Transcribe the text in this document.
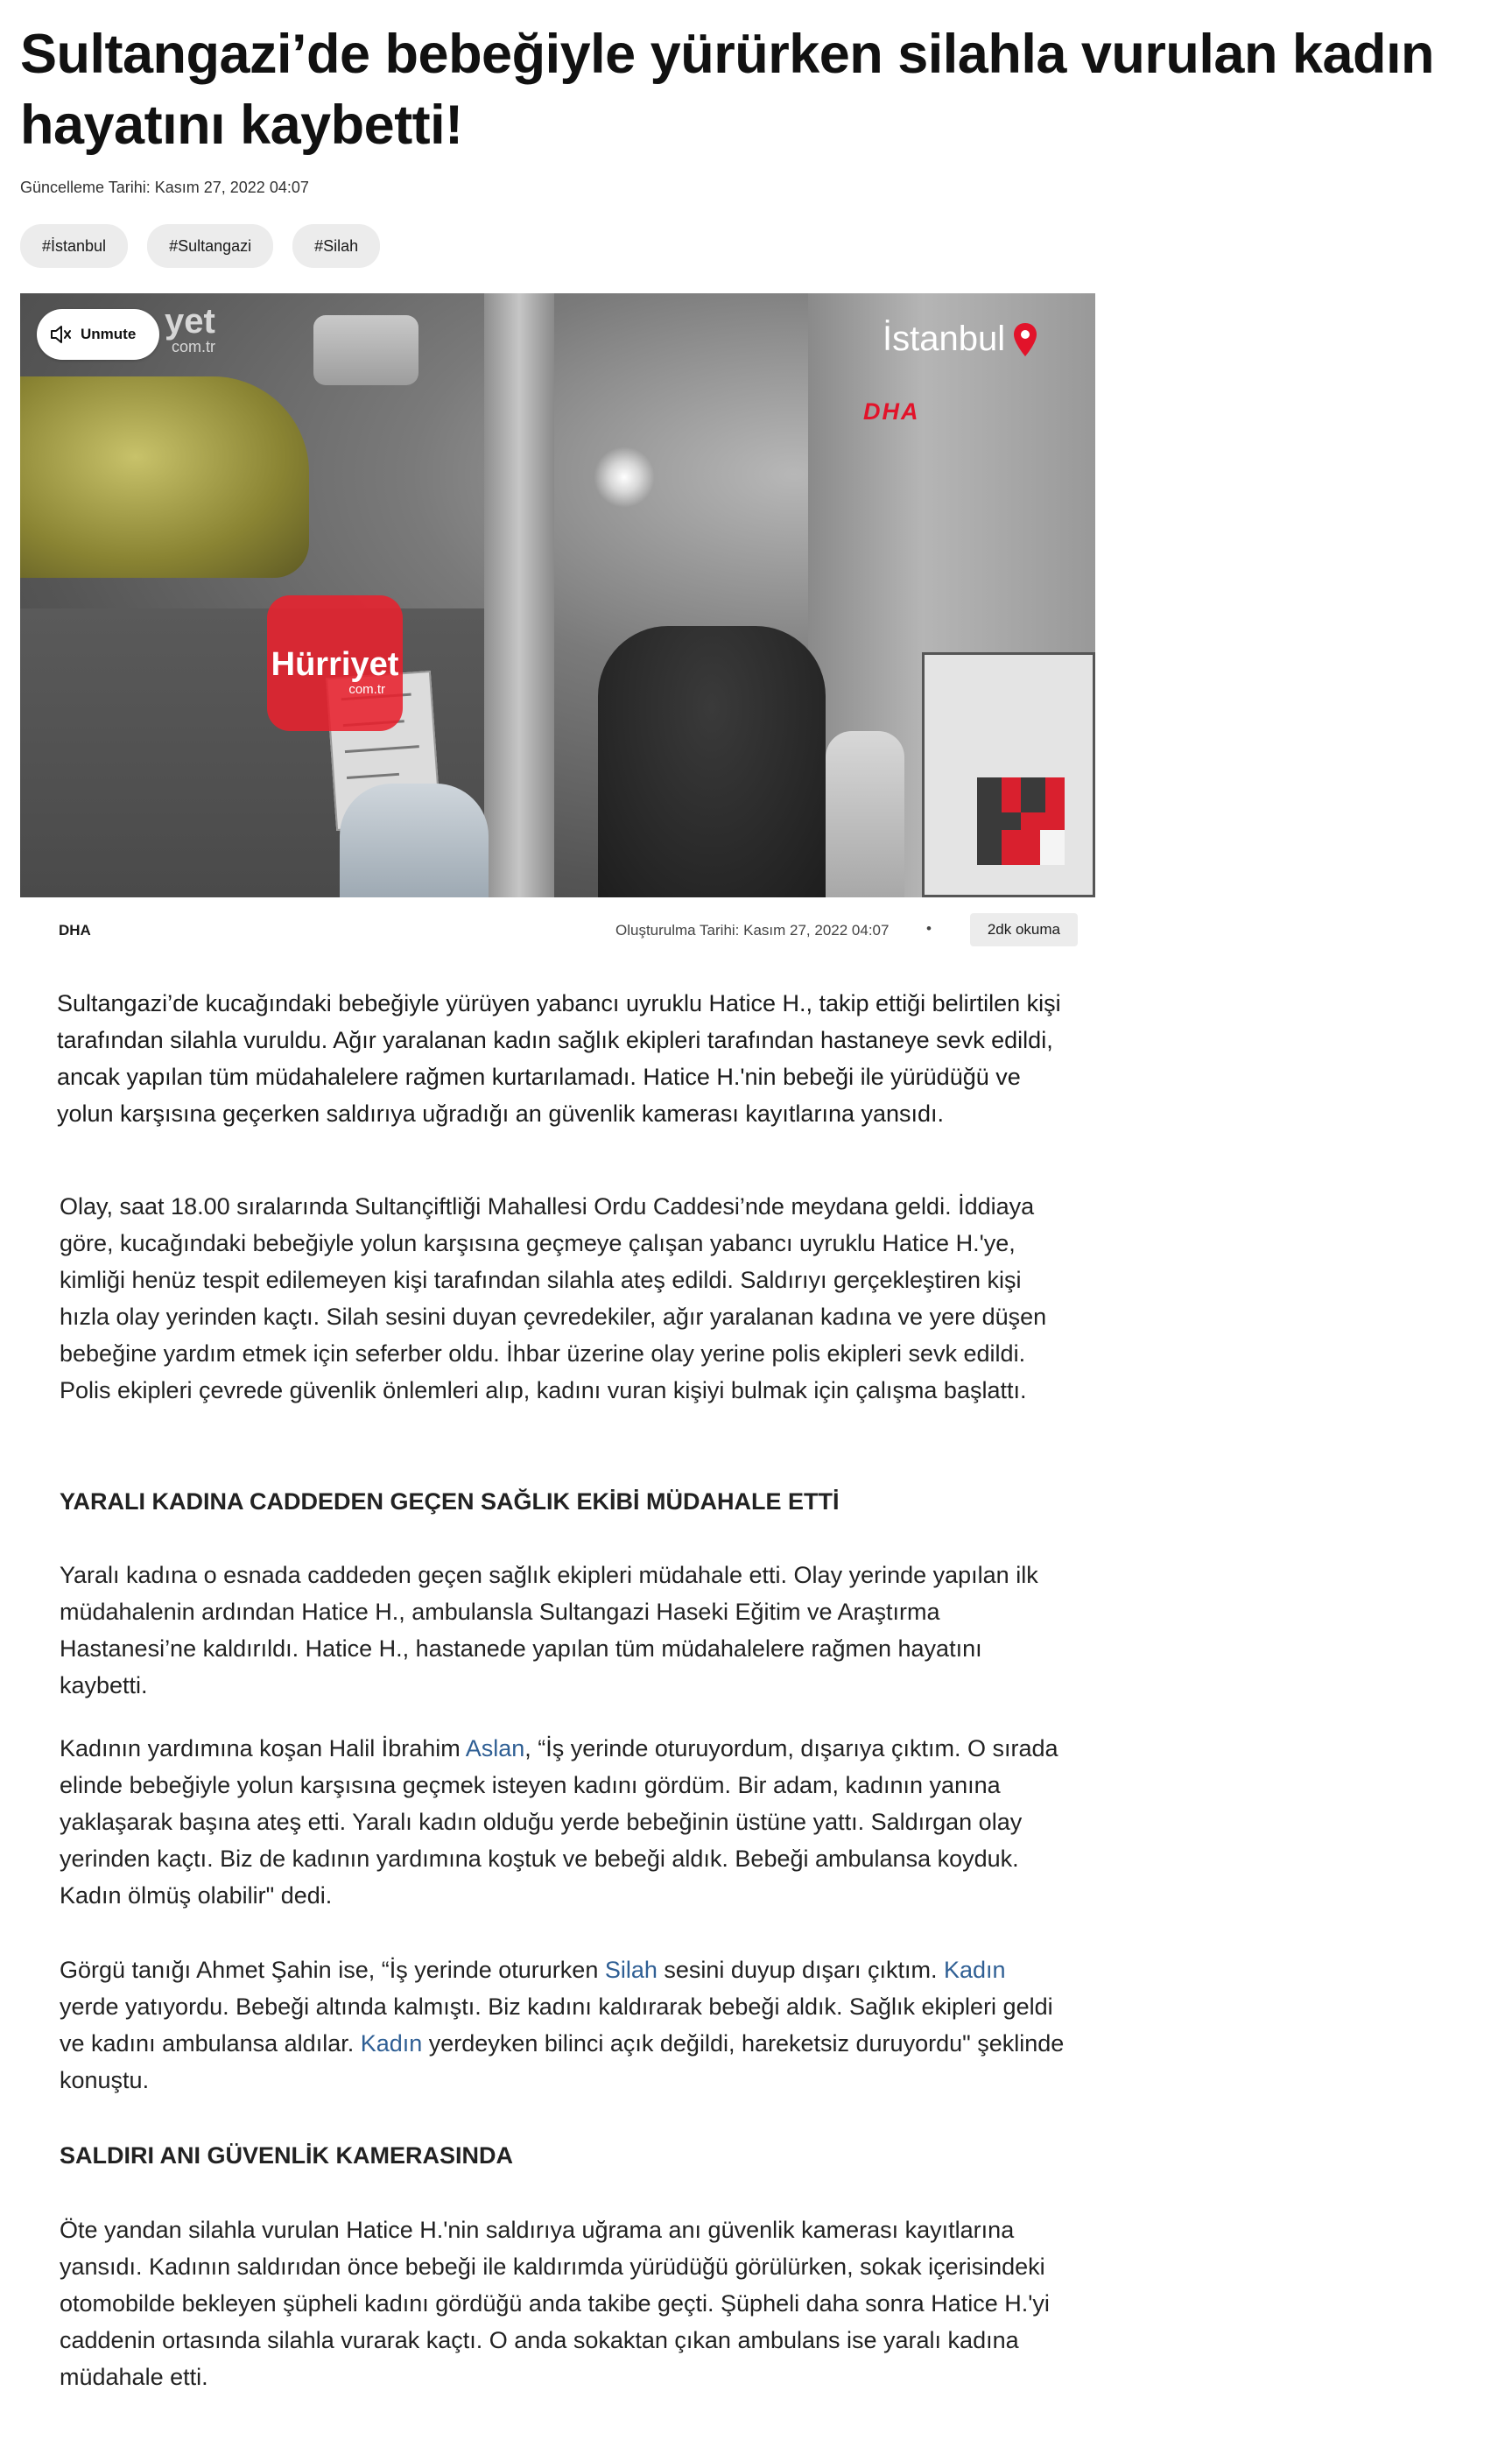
Sultangazi’de bebeğiyle yürürken silahla vurulan kadın hayatını kaybetti!
Güncelleme Tarihi: Kasım 27, 2022 04:07
#İstanbul	#Sultangazi	#Silah
yet
com.tr
Unmute	İstanbul
DHA
Hürriyet
com.tr
DHA	Oluşturulma Tarihi: Kasım 27, 2022 04:07	•	2dk okuma

Sultangazi’de kucağındaki bebeğiyle yürüyen yabancı uyruklu Hatice H., takip ettiği belirtilen kişi tarafından silahla vuruldu. Ağır yaralanan kadın sağlık ekipleri tarafından hastaneye sevk edildi, ancak yapılan tüm müdahalelere rağmen kurtarılamadı. Hatice H.'nin bebeği ile yürüdüğü ve yolun karşısına geçerken saldırıya uğradığı an güvenlik kamerası kayıtlarına yansıdı.

Olay, saat 18.00 sıralarında Sultançiftliği Mahallesi Ordu Caddesi’nde meydana geldi. İddiaya göre, kucağındaki bebeğiyle yolun karşısına geçmeye çalışan yabancı uyruklu Hatice H.'ye, kimliği henüz tespit edilemeyen kişi tarafından silahla ateş edildi. Saldırıyı gerçekleştiren kişi hızla olay yerinden kaçtı. Silah sesini duyan çevredekiler, ağır yaralanan kadına ve yere düşen bebeğine yardım etmek için seferber oldu. İhbar üzerine olay yerine polis ekipleri sevk edildi. Polis ekipleri çevrede güvenlik önlemleri alıp, kadını vuran kişiyi bulmak için çalışma başlattı.

YARALI KADINA CADDEDEN GEÇEN SAĞLIK EKİBİ MÜDAHALE ETTİ

Yaralı kadına o esnada caddeden geçen sağlık ekipleri müdahale etti. Olay yerinde yapılan ilk müdahalenin ardından Hatice H., ambulansla Sultangazi Haseki Eğitim ve Araştırma Hastanesi’ne kaldırıldı. Hatice H., hastanede yapılan tüm müdahalelere rağmen hayatını kaybetti.

Kadının yardımına koşan Halil İbrahim Aslan, “İş yerinde oturuyordum, dışarıya çıktım. O sırada elinde bebeğiyle yolun karşısına geçmek isteyen kadını gördüm. Bir adam, kadının yanına yaklaşarak başına ateş etti. Yaralı kadın olduğu yerde bebeğinin üstüne yattı. Saldırgan olay yerinden kaçtı. Biz de kadının yardımına koştuk ve bebeği aldık. Bebeği ambulansa koyduk. Kadın ölmüş olabilir" dedi.

Görgü tanığı Ahmet Şahin ise, “İş yerinde otururken Silah sesini duyup dışarı çıktım. Kadın yerde yatıyordu. Bebeği altında kalmıştı. Biz kadını kaldırarak bebeği aldık. Sağlık ekipleri geldi ve kadını ambulansa aldılar. Kadın yerdeyken bilinci açık değildi, hareketsiz duruyordu" şeklinde konuştu.

SALDIRI ANI GÜVENLİK KAMERASINDA

Öte yandan silahla vurulan Hatice H.'nin saldırıya uğrama anı güvenlik kamerası kayıtlarına yansıdı. Kadının saldırıdan önce bebeği ile kaldırımda yürüdüğü görülürken, sokak içerisindeki otomobilde bekleyen şüpheli kadını gördüğü anda takibe geçti. Şüpheli daha sonra Hatice H.'yi caddenin ortasında silahla vurarak kaçtı. O anda sokaktan çıkan ambulans ise yaralı kadına müdahale etti.
